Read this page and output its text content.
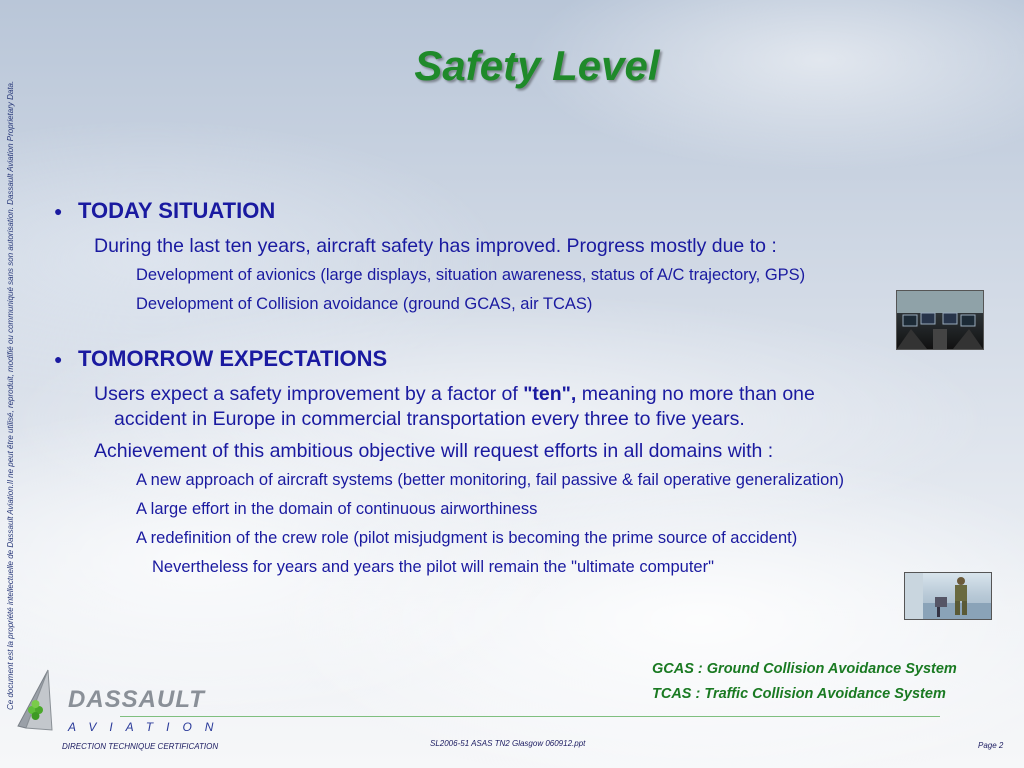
Ce document est la propriété intellectuelle de Dassault Aviation.Il ne peut être utilisé, reproduit, modifié ou communiqué sans son autorisation. Dassault Aviation Proprietary Data.
Safety Level
● TODAY SITUATION
During the last ten years, aircraft safety has improved. Progress mostly due to :
Development of avionics (large displays, situation awareness, status of A/C trajectory, GPS)
Development of Collision avoidance (ground GCAS, air TCAS)
● TOMORROW EXPECTATIONS
Users expect a safety improvement by a factor of "ten", meaning no more than one
accident in Europe in commercial transportation every three to five years.
Achievement of this ambitious objective will request efforts in all domains with :
A new approach of aircraft systems (better monitoring, fail passive & fail operative generalization)
A large effort in the domain of continuous airworthiness
A redefinition of the crew role (pilot misjudgment is becoming the prime source of accident)
Nevertheless for years and years the pilot will remain the "ultimate computer"
GCAS : Ground Collision Avoidance System
TCAS : Traffic Collision Avoidance System
DASSAULT
AVIATION
DIRECTION TECHNIQUE CERTIFICATION	SL2006-51 ASAS TN2 Glasgow 060912.ppt	Page 2
